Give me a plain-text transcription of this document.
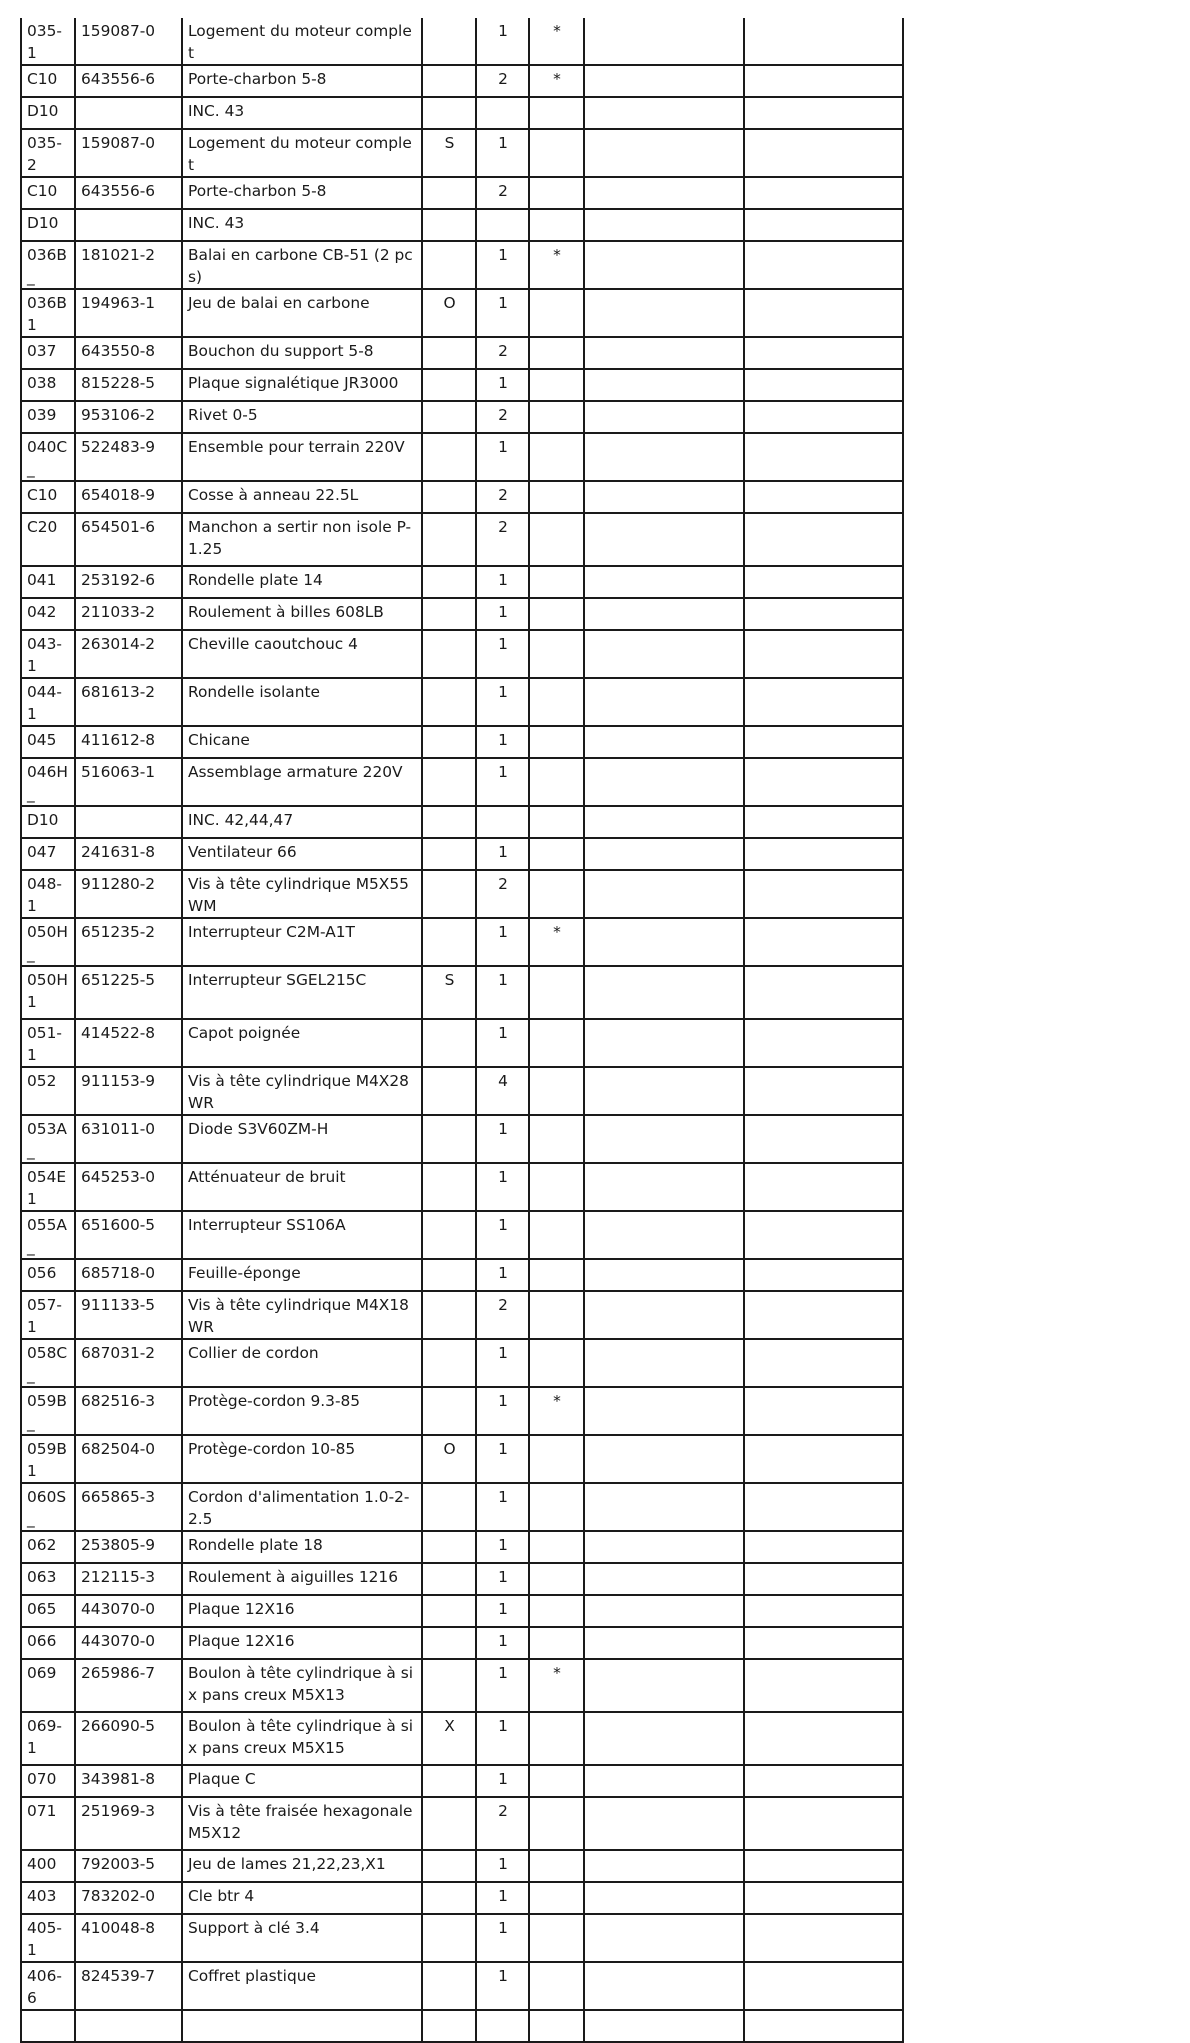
035-1	159087-0	Logement du moteur complet		1	*		
C10	643556-6	Porte-charbon 5-8		2	*		
D10		INC. 43					
035-2	159087-0	Logement du moteur complet	S	1			
C10	643556-6	Porte-charbon 5-8		2			
D10		INC. 43					
036B_	181021-2	Balai en carbone CB-51 (2 pcs)		1	*		
036B1	194963-1	Jeu de balai en carbone	O	1			
037	643550-8	Bouchon du support 5-8		2			
038	815228-5	Plaque signalétique JR3000		1			
039	953106-2	Rivet 0-5		2			
040C_	522483-9	Ensemble pour terrain 220V		1			
C10	654018-9	Cosse à anneau 22.5L		2			
C20	654501-6	Manchon a sertir non isole P-1.25		2			
041	253192-6	Rondelle plate 14		1			
042	211033-2	Roulement à billes 608LB		1			
043-1	263014-2	Cheville caoutchouc 4		1			
044-1	681613-2	Rondelle isolante		1			
045	411612-8	Chicane		1			
046H_	516063-1	Assemblage armature 220V		1			
D10		INC. 42,44,47					
047	241631-8	Ventilateur 66		1			
048-1	911280-2	Vis à tête cylindrique M5X55 WM		2			
050H_	651235-2	Interrupteur C2M-A1T		1	*		
050H1	651225-5	Interrupteur SGEL215C	S	1			
051-1	414522-8	Capot poignée		1			
052	911153-9	Vis à tête cylindrique M4X28 WR		4			
053A_	631011-0	Diode S3V60ZM-H		1			
054E1	645253-0	Atténuateur de bruit		1			
055A_	651600-5	Interrupteur SS106A		1			
056	685718-0	Feuille-éponge		1			
057-1	911133-5	Vis à tête cylindrique M4X18 WR		2			
058C_	687031-2	Collier de cordon		1			
059B_	682516-3	Protège-cordon 9.3-85		1	*		
059B1	682504-0	Protège-cordon 10-85	O	1			
060S_	665865-3	Cordon d'alimentation 1.0-2-2.5		1			
062	253805-9	Rondelle plate 18		1			
063	212115-3	Roulement à aiguilles 1216		1			
065	443070-0	Plaque 12X16		1			
066	443070-0	Plaque 12X16		1			
069	265986-7	Boulon à tête cylindrique à six pans creux M5X13		1	*		
069-1	266090-5	Boulon à tête cylindrique à six pans creux M5X15	X	1			
070	343981-8	Plaque C		1			
071	251969-3	Vis à tête fraisée hexagonale M5X12		2			
400	792003-5	Jeu de lames 21,22,23,X1		1			
403	783202-0	Cle btr 4		1			
405-1	410048-8	Support à clé 3.4		1			
406-6	824539-7	Coffret plastique		1			
